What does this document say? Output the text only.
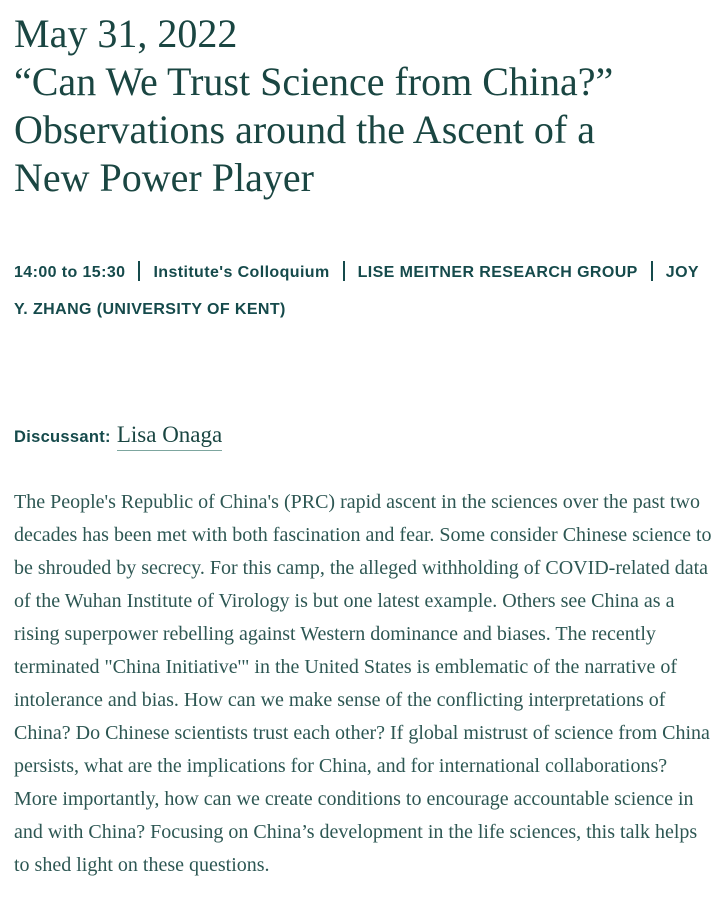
May 31, 2022
“Can We Trust Science from China?”
Observations around the Ascent of a
New Power Player
14:00 to 15:30 Institute's Colloquium LISE MEITNER RESEARCH GROUP JOY Y. ZHANG (UNIVERSITY OF KENT)
Discussant: Lisa Onaga

The People's Republic of China's (PRC) rapid ascent in the sciences over the past two decades has been met with both fascination and fear. Some consider Chinese science to be shrouded by secrecy. For this camp, the alleged withholding of COVID-related data of the Wuhan Institute of Virology is but one latest example. Others see China as a rising superpower rebelling against Western dominance and biases. The recently terminated "China Initiative'" in the United States is emblematic of the narrative of intolerance and bias. How can we make sense of the conflicting interpretations of China? Do Chinese scientists trust each other? If global mistrust of science from China persists, what are the implications for China, and for international collaborations? More importantly, how can we create conditions to encourage accountable science in and with China? Focusing on China’s development in the life sciences, this talk helps to shed light on these questions.
